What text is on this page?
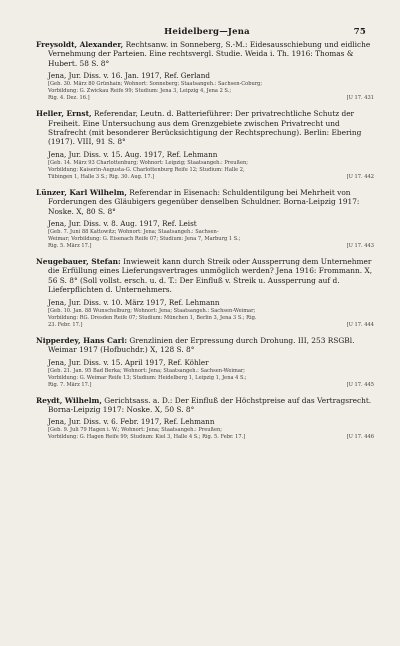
Heidelberg—Jena	75

Freysoldt, Alexander, Rechtsanw. in Sonneberg, S.-M.: Eidesausschiebung und eidliche Vernehmung der Parteien. Eine rechtsvergl. Studie. Weida i. Th. 1916: Thomas & Hubert. 58 S. 8°

Jena, Jur. Diss. v. 16. Jan. 1917, Ref. Gerland

[Geb. 30. März 80 Grünhain; Wohnort: Sonneberg; Staatsangeh.: Sachsen-Coburg;
Vorbildung: G. Zwickau Reife 99; Studium: Jena 3, Leipzig 4, Jena 2 S.;
Rig. 4. Dez. 16.]	[U 17. 431

Heller, Ernst, Referendar, Leutn. d. Batterieführer: Der privatrechtliche Schutz der Freiheit. Eine Untersuchung aus dem Grenzgebiete zwischen Privatrecht und Strafrecht (mit besonderer Berücksichtigung der Rechtsprechung). Berlin: Ebering (1917). VIII, 91 S. 8°

Jena, Jur. Diss. v. 15. Aug. 1917, Ref. Lehmann

[Geb. 14. März 93 Charlottenburg; Wohnort: Leipzig; Staatsangeh.: Preußen;
Vorbildung: Kaiserin-Augusta-G. Charlottenburg Reife 12; Studium: Halle 2,
Tübingen 1, Halle 3 S.; Rig. 30. Aug. 17.]	[U 17. 442

Lünzer, Karl Wilhelm, Referendar in Eisenach: Schuldentilgung bei Mehrheit von Forderungen des Gläubigers gegenüber denselben Schuldner. Borna-Leipzig 1917: Noske. X, 80 S. 8°

Jena, Jur. Diss. v. 8. Aug. 1917, Ref. Leist

[Geb. 7. Juni 88 Kattowitz; Wohnort: Jena; Staatsangeh.: Sachsen-
Weimar; Vorbildung: G. Eisenach Reife 07; Studium: Jena 7, Marburg 1 S.;
Rig. 5. März 17.]	[U 17. 443

Neugebauer, Stefan: Inwieweit kann durch Streik oder Aussperrung dem Unternehmer die Erfüllung eines Lieferungsvertrages unmöglich werden? Jena 1916: Frommann. X, 56 S. 8° (Soll vollst. ersch. u. d. T.: Der Einfluß v. Streik u. Aussperrung auf d. Lieferpflichten d. Unternehmers.

Jena, Jur. Diss. v. 10. März 1917, Ref. Lehmann

[Geb. 10. Jan. 88 Wunschelburg; Wohnort: Jena; Staatsangeh.: Sachsen-Weimar;
Vorbildung: RG. Dresden Reife 07; Studium: München 1, Berlin 3, Jena 3 S.; Rig.
23. Febr. 17.]	[U 17. 444

Nipperdey, Hans Carl: Grenzlinien der Erpressung durch Drohung. III, 253 RSGBl. Weimar 1917 (Hofbuchdr.) X, 128 S. 8°

Jena, Jur. Diss. v. 15. April 1917, Ref. Köhler

[Geb. 21. Jan. 95 Bad Berka; Wohnort: Jena; Staatsangeh.: Sachsen-Weimar;
Vorbildung: G. Weimar Reife 13; Studium: Heidelberg 1, Leipzig 1, Jena 4 S.;
Rig. 7. März 17.]	[U 17. 445

Reydt, Wilhelm, Gerichtsass. a. D.: Der Einfluß der Höchstpreise auf das Vertragsrecht. Borna-Leipzig 1917: Noske. X, 50 S. 8°

Jena, Jur. Diss. v. 6. Febr. 1917, Ref. Lehmann

[Geb. 9. Juli 79 Hagen i. W.; Wohnort: Jena; Staatsangeh.: Preußen;
Vorbildung: G. Hagen Reife 99; Studium: Kiel 3, Halle 4 S.; Rig. 5. Febr. 17.]	[U 17. 446
